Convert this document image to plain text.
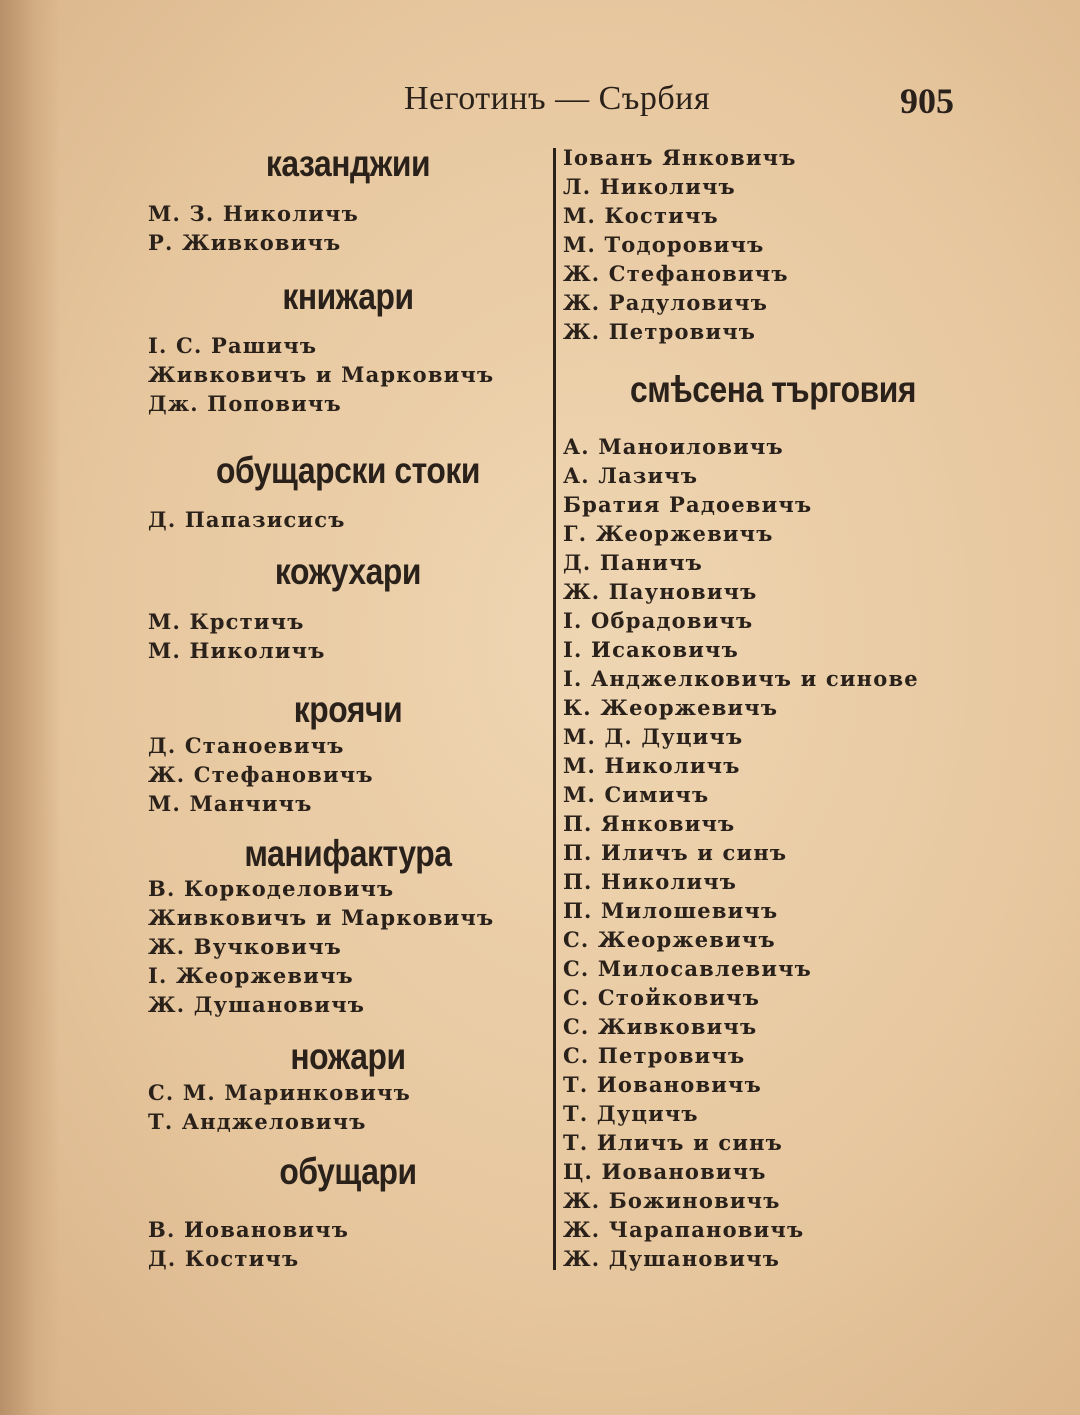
Неготинъ — Сърбия	905
казанджии
М. З. Николичъ
Р. Живковичъ
книжари
I. С. Рашичъ
Живковичъ и Марковичъ
Дж. Поповичъ
обущарски стоки
Д. Папазисисъ
кожухари
М. Крстичъ
М. Николичъ
кроячи
Д. Станоевичъ
Ж. Стефановичъ
М. Манчичъ
манифактура
В. Коркоделовичъ
Живковичъ и Марковичъ
Ж. Вучковичъ
I. Жеоржевичъ
Ж. Душановичъ
ножари
С. М. Маринковичъ
Т. Анджеловичъ
обущари
В. Иовановичъ
Д. Костичъ
Iованъ Янковичъ
Л. Николичъ
М. Костичъ
М. Тодоровичъ
Ж. Стефановичъ
Ж. Радуловичъ
Ж. Петровичъ
смѣсена търговия
А. Маноиловичъ
А. Лазичъ
Братия Радоевичъ
Г. Жеоржевичъ
Д. Паничъ
Ж. Пауновичъ
I. Обрадовичъ
I. Исаковичъ
I. Анджелковичъ и синове
К. Жеоржевичъ
М. Д. Дуцичъ
М. Николичъ
М. Симичъ
П. Янковичъ
П. Иличъ и синъ
П. Николичъ
П. Милошевичъ
С. Жеоржевичъ
С. Милосавлевичъ
С. Стойковичъ
С. Живковичъ
С. Петровичъ
Т. Иовановичъ
Т. Дуцичъ
Т. Иличъ и синъ
Ц. Иовановичъ
Ж. Божиновичъ
Ж. Чарапановичъ
Ж. Душановичъ
